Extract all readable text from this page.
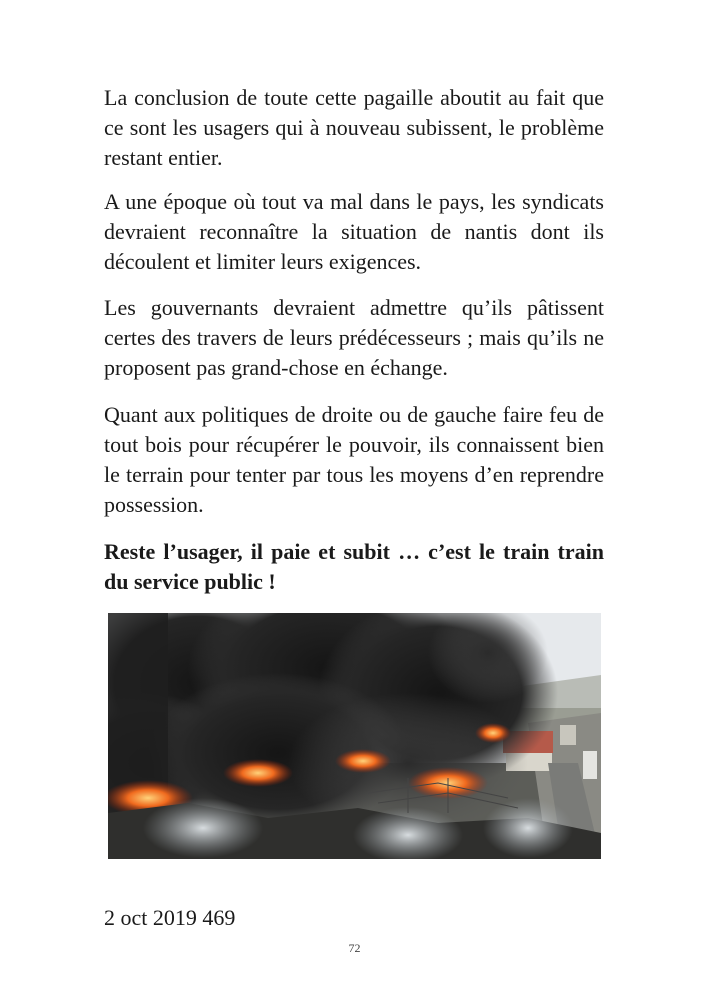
La conclusion de toute cette pagaille aboutit au fait que ce sont les usagers qui à nouveau subissent, le problème restant entier.

A une époque où tout va mal dans le pays, les syndicats devraient reconnaître la situation de nantis dont ils découlent et limiter leurs exigences.

Les gouvernants devraient admettre qu’ils pâtissent certes des travers de leurs prédécesseurs ; mais qu’ils ne proposent pas grand-chose en échange.

Quant aux politiques de droite ou de gauche faire feu de tout bois pour récupérer le pouvoir, ils connaissent bien le terrain pour tenter par tous les moyens d’en reprendre possession.

Reste l’usager, il paie et subit … c’est le train train du service public !

2 oct 2019 469

72
